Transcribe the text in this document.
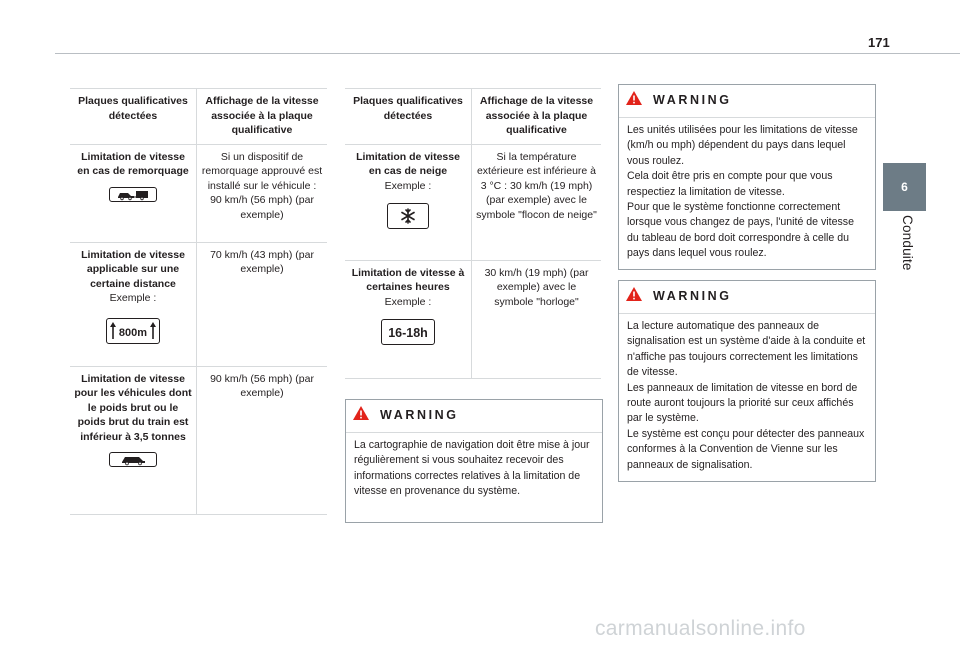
171
6
Conduite
Plaques qualificatives détectées	Affichage de la vitesse associée à la plaque qualificative

Limitation de vitesse en cas de remorquage	Si un dispositif de remorquage approuvé est installé sur le véhicule : 90 km/h (56 mph) (par exemple)

Limitation de vitesse applicable sur une certaine distance
Exemple :
800m	70 km/h (43 mph) (par exemple)

Limitation de vitesse pour les véhicules dont le poids brut ou le poids brut du train est inférieur à 3,5 tonnes	90 km/h (56 mph) (par exemple)
Plaques qualificatives détectées	Affichage de la vitesse associée à la plaque qualificative

Limitation de vitesse en cas de neige
Exemple :	Si la température extérieure est inférieure à 3 °C : 30 km/h (19 mph) (par exemple) avec le symbole "flocon de neige"

Limitation de vitesse à certaines heures
Exemple :
16-18h	30 km/h (19 mph) (par exemple) avec le symbole "horloge"
WARNING
La cartographie de navigation doit être mise à jour régulièrement si vous souhaitez recevoir des informations correctes relatives à la limitation de vitesse en provenance du système.
WARNING
Les unités utilisées pour les limitations de vitesse (km/h ou mph) dépendent du pays dans lequel vous roulez.
Cela doit être pris en compte pour que vous respectiez la limitation de vitesse.
Pour que le système fonctionne correctement lorsque vous changez de pays, l'unité de vitesse du tableau de bord doit correspondre à celle du pays dans lequel vous roulez.
WARNING
La lecture automatique des panneaux de signalisation est un système d'aide à la conduite et n'affiche pas toujours correctement les limitations de vitesse.
Les panneaux de limitation de vitesse en bord de route auront toujours la priorité sur ceux affichés par le système.
Le système est conçu pour détecter des panneaux conformes à la Convention de Vienne sur les panneaux de signalisation.
carmanualsonline.info
